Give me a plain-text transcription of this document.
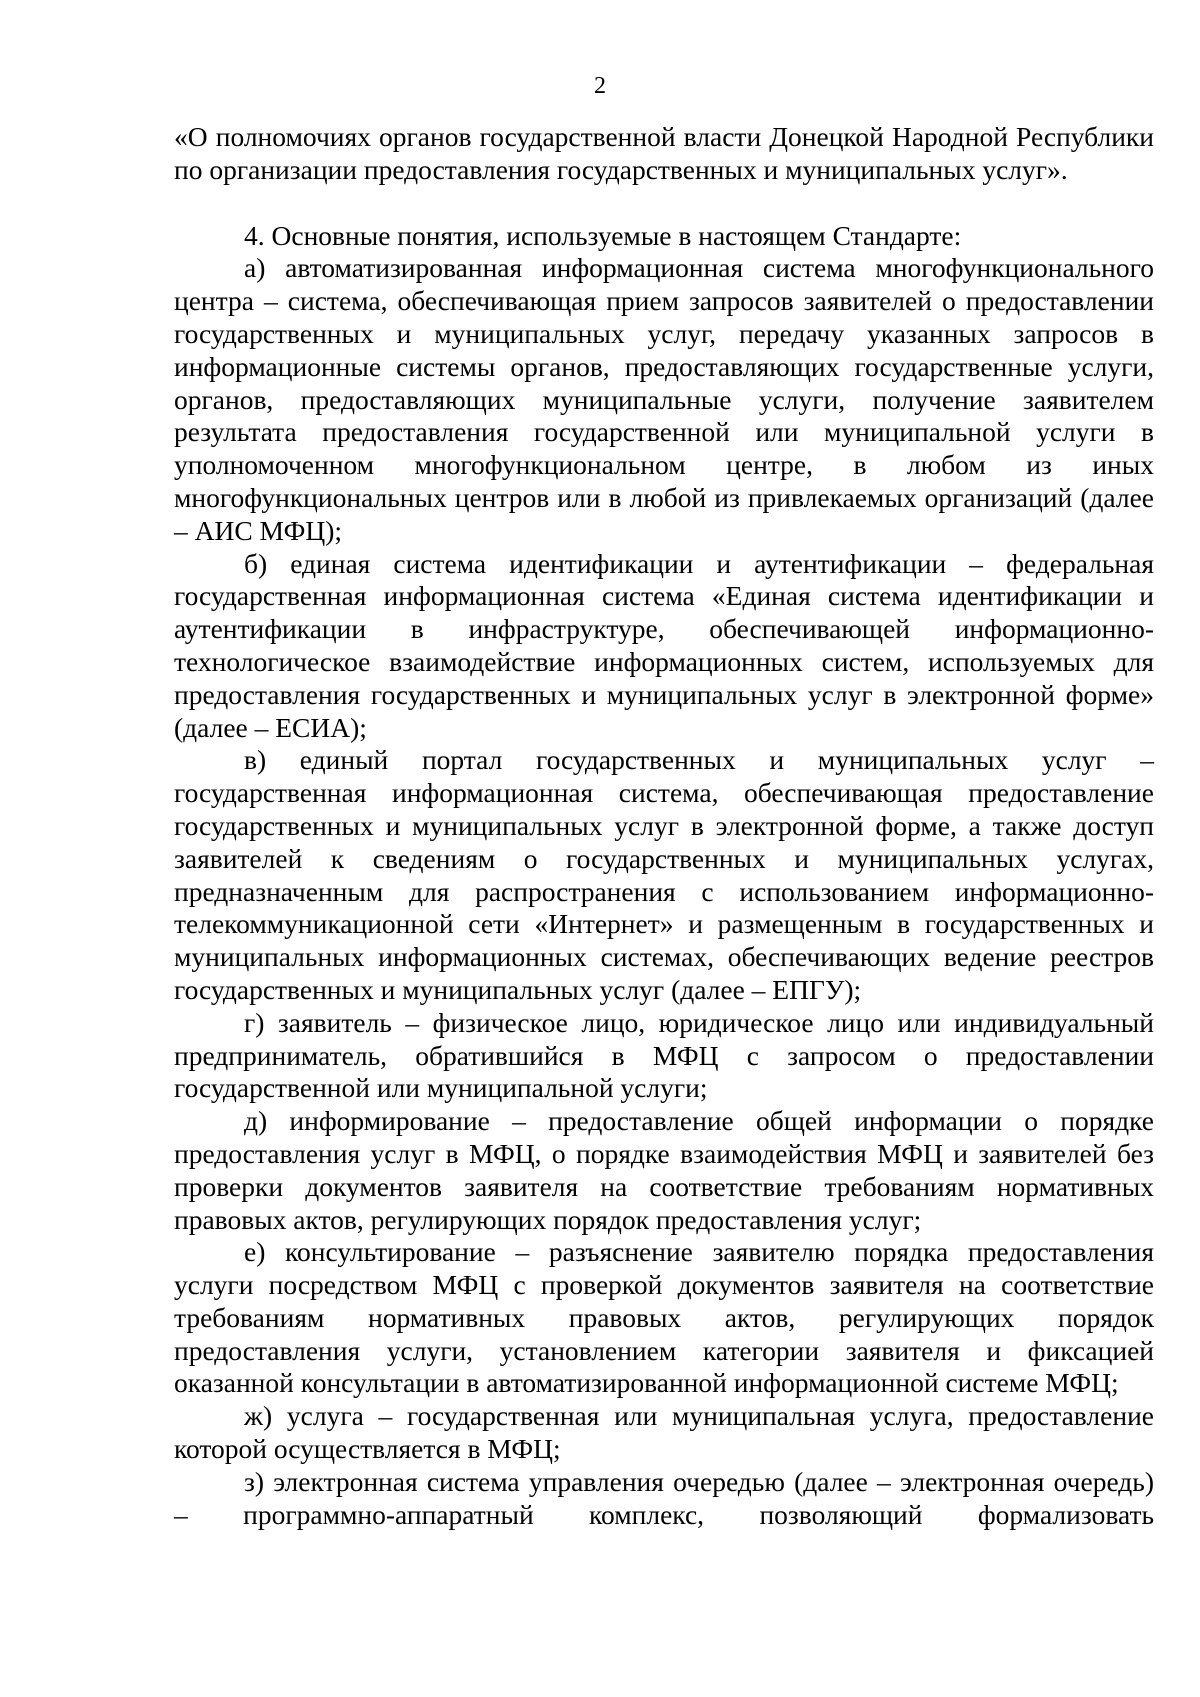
2

«О полномочиях органов государственной власти Донецкой Народной Республики по организации предоставления государственных и муниципальных услуг».

4. Основные понятия, используемые в настоящем Стандарте:

а) автоматизированная информационная система многофункционального центра – система, обеспечивающая прием запросов заявителей о предоставлении государственных и муниципальных услуг, передачу указанных запросов в информационные системы органов, предоставляющих государственные услуги, органов, предоставляющих муниципальные услуги, получение заявителем результата предоставления государственной или муниципальной услуги в уполномоченном многофункциональном центре, в любом из иных многофункциональных центров или в любой из привлекаемых организаций (далее – АИС МФЦ);

б) единая система идентификации и аутентификации – федеральная государственная информационная система «Единая система идентификации и аутентификации в инфраструктуре, обеспечивающей информационно-технологическое взаимодействие информационных систем, используемых для предоставления государственных и муниципальных услуг в электронной форме» (далее – ЕСИА);

в) единый портал государственных и муниципальных услуг – государственная информационная система, обеспечивающая предоставление государственных и муниципальных услуг в электронной форме, а также доступ заявителей к сведениям о государственных и муниципальных услугах, предназначенным для распространения с использованием информационно-телекоммуникационной сети «Интернет» и размещенным в государственных и муниципальных информационных системах, обеспечивающих ведение реестров государственных и муниципальных услуг (далее – ЕПГУ);

г) заявитель – физическое лицо, юридическое лицо или индивидуальный предприниматель, обратившийся в МФЦ с запросом о предоставлении государственной или муниципальной услуги;

д) информирование – предоставление общей информации о порядке предоставления услуг в МФЦ, о порядке взаимодействия МФЦ и заявителей без проверки документов заявителя на соответствие требованиям нормативных правовых актов, регулирующих порядок предоставления услуг;

е) консультирование – разъяснение заявителю порядка предоставления услуги посредством МФЦ с проверкой документов заявителя на соответствие требованиям нормативных правовых актов, регулирующих порядок предоставления услуги, установлением категории заявителя и фиксацией оказанной консультации в автоматизированной информационной системе МФЦ;

ж) услуга – государственная или муниципальная услуга, предоставление которой осуществляется в МФЦ;

з) электронная система управления очередью (далее – электронная очередь) – программно-аппаратный комплекс, позволяющий формализовать
